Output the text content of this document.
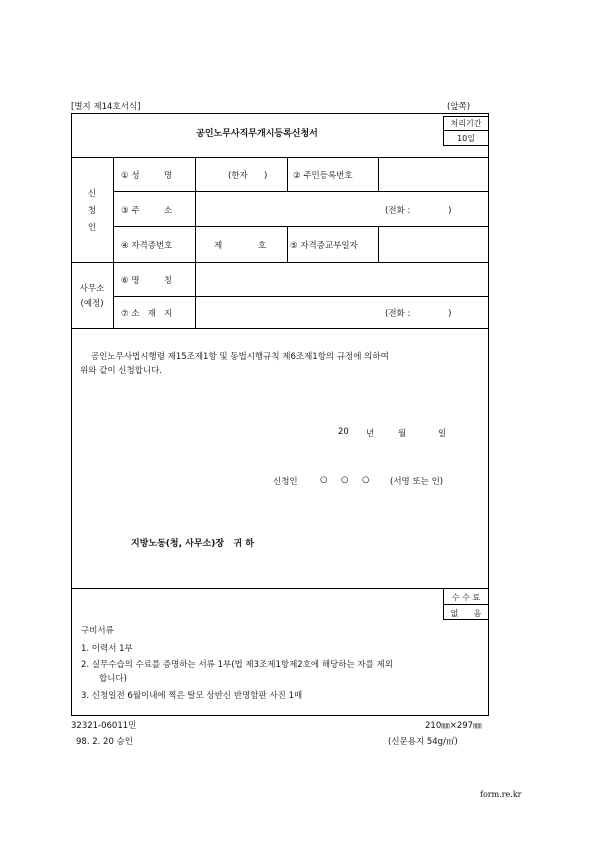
[별지 제14호서식]	(앞쪽)
공인노무사직무개시등록신청서
처리기간
10일
신
청
인
① 성         명	(한자      )	② 주민등록번호
③ 주         소	(전화 :              )
④ 자격증번호	제	호	⑤ 자격증교부일자
사무소
(예정)
⑥ 명         칭
⑦ 소   재   지	(전화 :              )
공인노무사법시행령 제15조제1항 및 동법시행규칙 제6조제1항의 규정에 의하여
위와 같이 신청합니다.
20 년	월	일
신청인	○ ○ ○ (서명 또는 인)
지방노동(청, 사무소)장   귀 하
수 수 료
없      음
구비서류
1. 이력서 1부
2. 실무수습의 수료를 증명하는 서류 1부(법 제3조제1항제2호에 해당하는 자를 제외
합니다)
3. 신청일전 6월이내에 찍은 탈모 상반신 반명함판 사진 1매
32321-06011민
98. 2. 20 승인
210㎜×297㎜
(신문용지 54g/㎡)
form.re.kr
